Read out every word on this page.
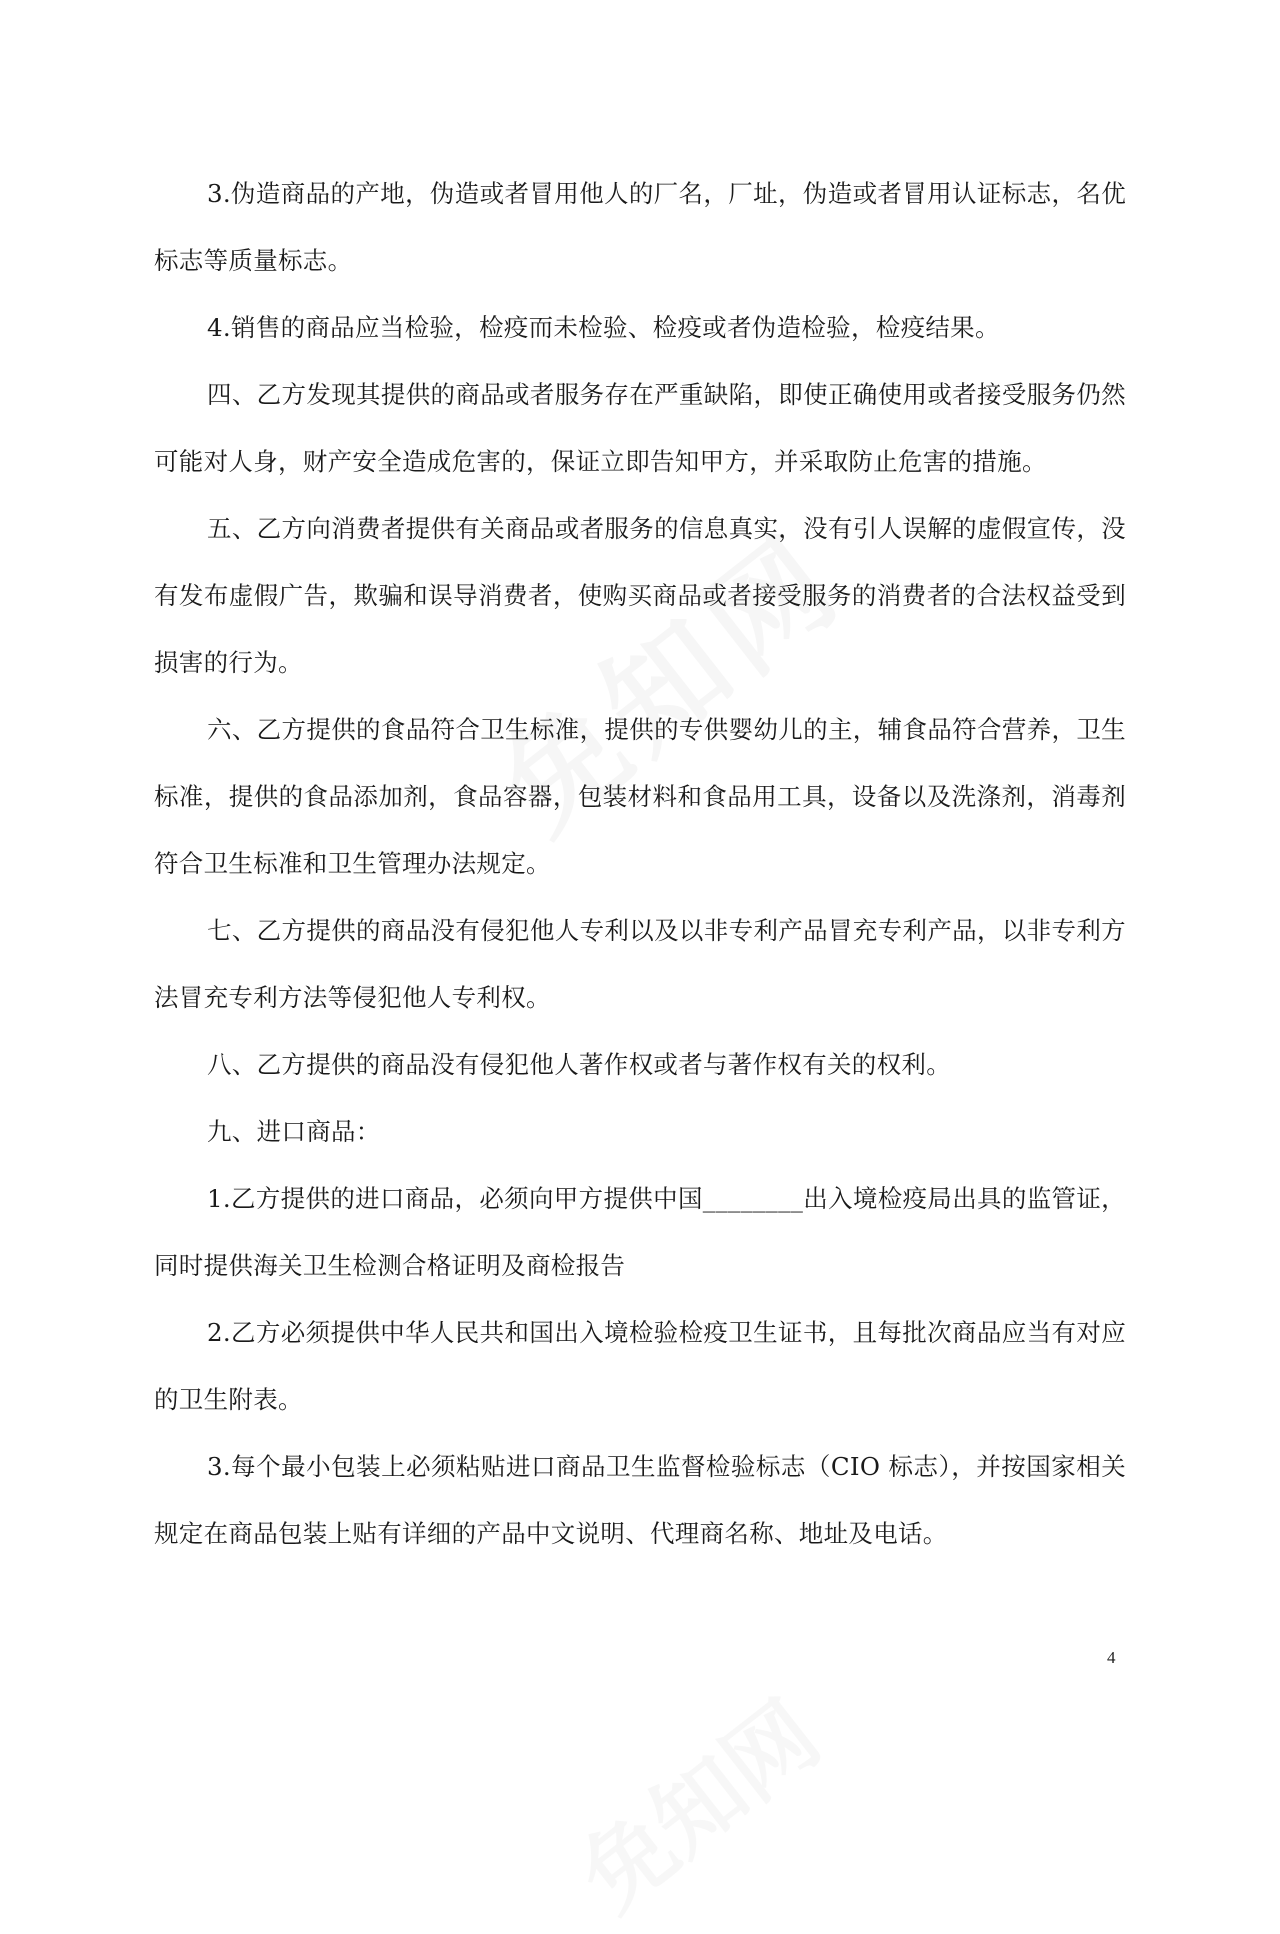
3.伪造商品的产地，伪造或者冒用他人的厂名，厂址，伪造或者冒用认证标志，名优标志等质量标志。

4.销售的商品应当检验，检疫而未检验、检疫或者伪造检验，检疫结果。

四、乙方发现其提供的商品或者服务存在严重缺陷，即使正确使用或者接受服务仍然可能对人身，财产安全造成危害的，保证立即告知甲方，并采取防止危害的措施。

五、乙方向消费者提供有关商品或者服务的信息真实，没有引人误解的虚假宣传，没有发布虚假广告，欺骗和误导消费者，使购买商品或者接受服务的消费者的合法权益受到损害的行为。

六、乙方提供的食品符合卫生标准，提供的专供婴幼儿的主，辅食品符合营养，卫生标准，提供的食品添加剂，食品容器，包装材料和食品用工具，设备以及洗涤剂，消毒剂符合卫生标准和卫生管理办法规定。

七、乙方提供的商品没有侵犯他人专利以及以非专利产品冒充专利产品，以非专利方法冒充专利方法等侵犯他人专利权。

八、乙方提供的商品没有侵犯他人著作权或者与著作权有关的权利。

九、进口商品：

1.乙方提供的进口商品，必须向甲方提供中国________出入境检疫局出具的监管证，同时提供海关卫生检测合格证明及商检报告

2.乙方必须提供中华人民共和国出入境检验检疫卫生证书，且每批次商品应当有对应的卫生附表。

3.每个最小包装上必须粘贴进口商品卫生监督检验标志（CIO 标志），并按国家相关规定在商品包装上贴有详细的产品中文说明、代理商名称、地址及电话。

4
